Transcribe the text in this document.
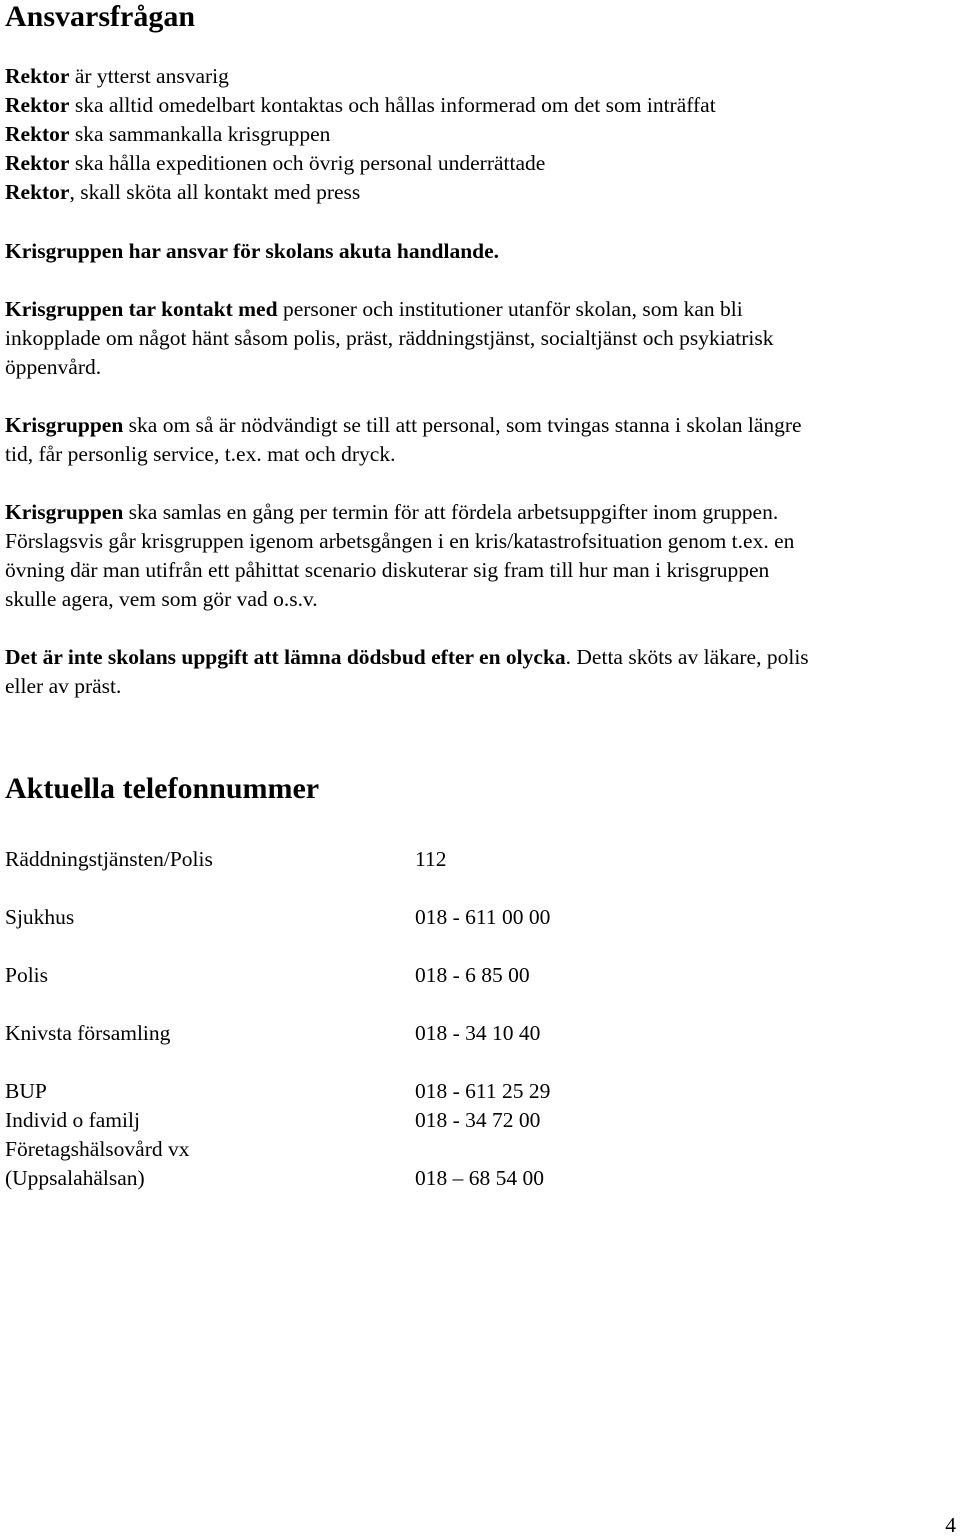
Ansvarsfrågan
Rektor är ytterst ansvarig
Rektor ska alltid omedelbart kontaktas och hållas informerad om det som inträffat
Rektor ska sammankalla krisgruppen
Rektor ska hålla expeditionen och övrig personal underrättade
Rektor, skall sköta all kontakt med press
Krisgruppen har ansvar för skolans akuta handlande.
Krisgruppen tar kontakt med personer och institutioner utanför skolan, som kan bli
inkopplade om något hänt såsom polis, präst, räddningstjänst, socialtjänst och psykiatrisk
öppenvård.
Krisgruppen ska om så är nödvändigt se till att personal, som tvingas stanna i skolan längre
tid, får personlig service, t.ex. mat och dryck.
Krisgruppen ska samlas en gång per termin för att fördela arbetsuppgifter inom gruppen.
Förslagsvis går krisgruppen igenom arbetsgången i en kris/katastrofsituation genom t.ex. en
övning där man utifrån ett påhittat scenario diskuterar sig fram till hur man i krisgruppen
skulle agera, vem som gör vad o.s.v.
Det är inte skolans uppgift att lämna dödsbud efter en olycka. Detta sköts av läkare, polis
eller av präst.
Aktuella telefonnummer
Räddningstjänsten/Polis	112
Sjukhus	018 - 611 00 00
Polis	018 - 6 85 00
Knivsta församling	018 - 34 10 40
BUP	018 - 611 25 29
Individ o familj	018 - 34 72 00
Företagshälsovård vx
(Uppsalahälsan)	018 – 68 54 00
4
